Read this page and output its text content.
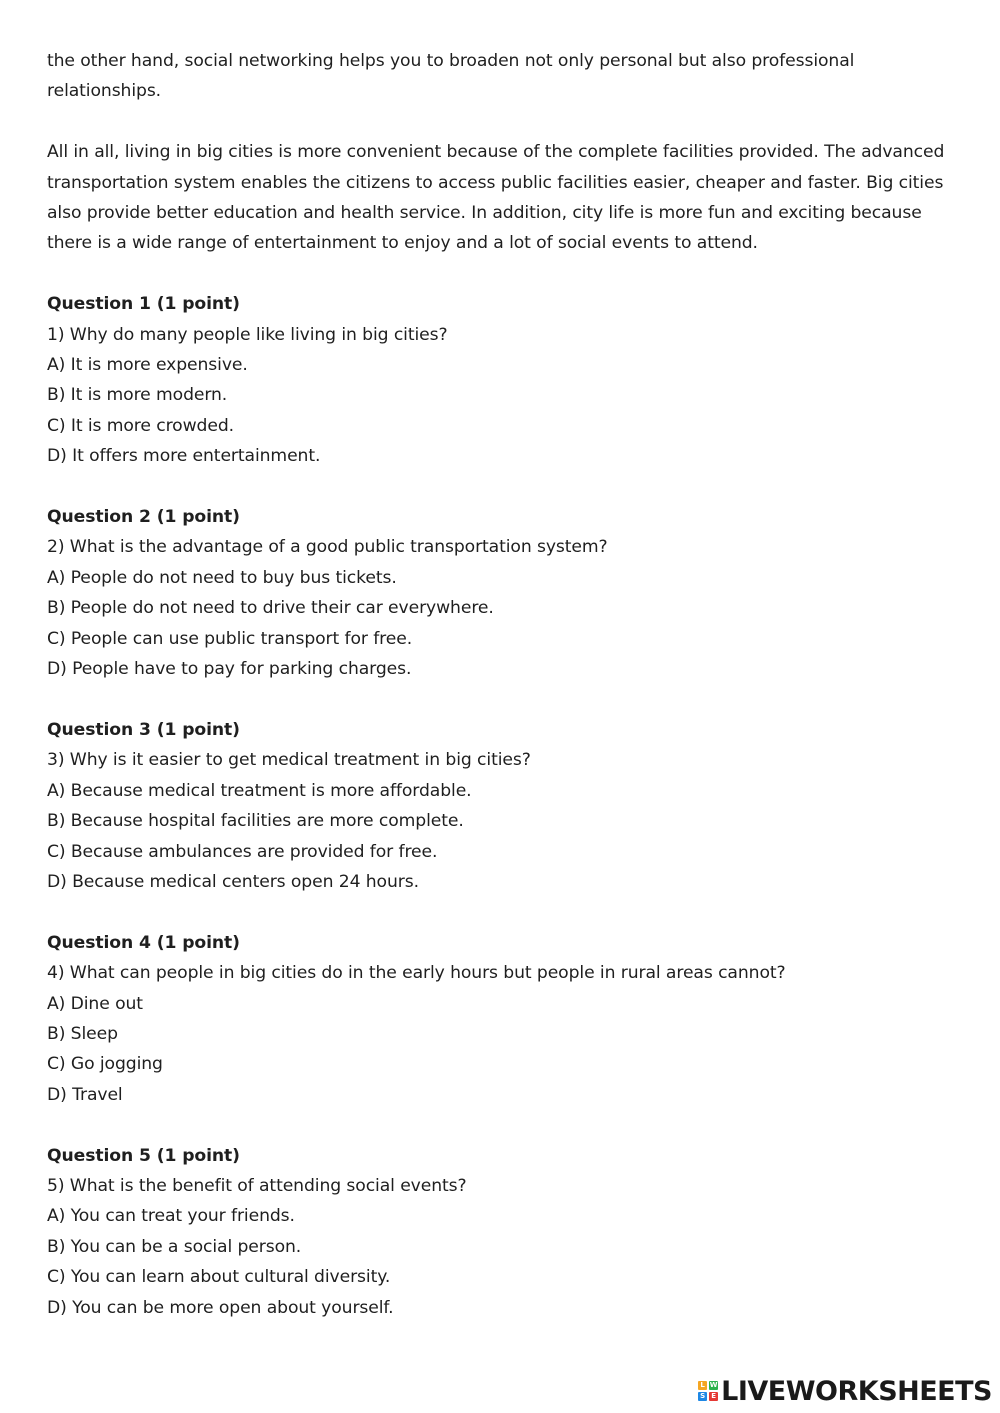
the other hand, social networking helps you to broaden not only personal but also professional relationships.

All in all, living in big cities is more convenient because of the complete facilities provided. The advanced transportation system enables the citizens to access public facilities easier, cheaper and faster. Big cities also provide better education and health service. In addition, city life is more fun and exciting because there is a wide range of entertainment to enjoy and a lot of social events to attend.

Question 1 (1 point)

1) Why do many people like living in big cities?

A) It is more expensive.

B) It is more modern.

C) It is more crowded.

D) It offers more entertainment.

Question 2 (1 point)

2) What is the advantage of a good public transportation system?

A) People do not need to buy bus tickets.

B) People do not need to drive their car everywhere.

C) People can use public transport for free.

D) People have to pay for parking charges.

Question 3 (1 point)

3) Why is it easier to get medical treatment in big cities?

A) Because medical treatment is more affordable.

B) Because hospital facilities are more complete.

C) Because ambulances are provided for free.

D) Because medical centers open 24 hours.

Question 4 (1 point)

4) What can people in big cities do in the early hours but people in rural areas cannot?

A) Dine out

B) Sleep

C) Go jogging

D) Travel

Question 5 (1 point)

5) What is the benefit of attending social events?

A) You can treat your friends.

B) You can be a social person.

C) You can learn about cultural diversity.

D) You can be more open about yourself.

L W
S E LIVEWORKSHEETS
